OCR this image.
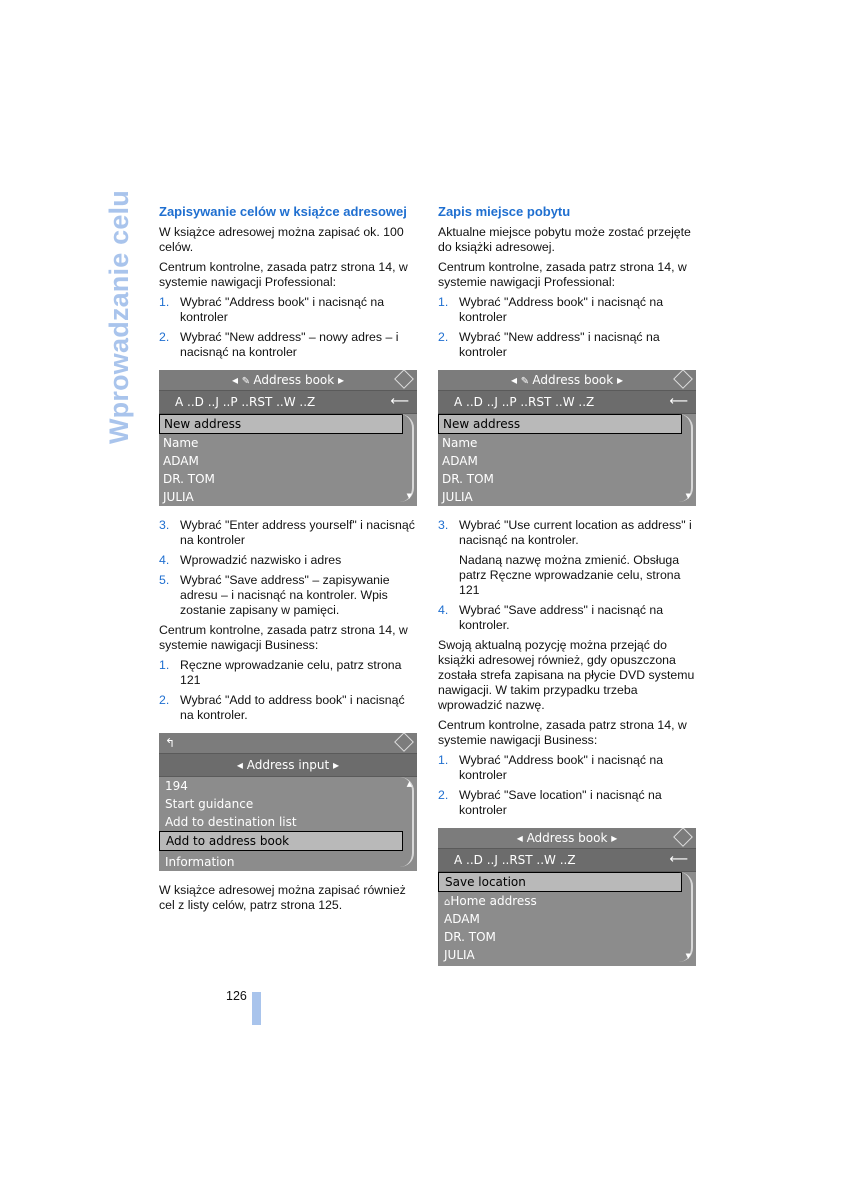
Wprowadzanie celu Zapisywanie celów w książce adresowej

W książce adresowej można zapisać ok. 100 celów.

Centrum kontrolne, zasada patrz strona 14, w systemie nawigacji Professional:

1. Wybrać "Address book" i nacisnąć na kontroler
2. Wybrać "New address" – nowy adres – i nacisnąć na kontroler
◂ ✎ Address book ▸
A ..D ..J ..P ..RST ..W ..Z	⟵
New address
Name
ADAM
DR. TOM
JULIA	▼
3. Wybrać "Enter address yourself" i nacisnąć na kontroler
4. Wprowadzić nazwisko i adres
5. Wybrać "Save address" – zapisywanie adresu – i nacisnąć na kontroler. Wpis zostanie zapisany w pamięci.

Centrum kontrolne, zasada patrz strona 14, w systemie nawigacji Business:

1. Ręczne wprowadzanie celu, patrz strona 121
2. Wybrać "Add to address book" i nacisnąć na kontroler.
↰
◂ Address input ▸
194
Start guidance
Add to destination list
Add to address book
Information
▲

W książce adresowej można zapisać również cel z listy celów, patrz strona 125.

Zapis miejsce pobytu

Aktualne miejsce pobytu może zostać przejęte do książki adresowej.

Centrum kontrolne, zasada patrz strona 14, w systemie nawigacji Professional:

1. Wybrać "Address book" i nacisnąć na kontroler
2. Wybrać "New address" i nacisnąć na kontroler
◂ ✎ Address book ▸
A ..D ..J ..P ..RST ..W ..Z	⟵
New address
Name
ADAM
DR. TOM
JULIA	▼
3. Wybrać "Use current location as address" i nacisnąć na kontroler.

Nadaną nazwę można zmienić. Obsługa patrz Ręczne wprowadzanie celu, strona 121

4. Wybrać "Save address" i nacisnąć na kontroler.

Swoją aktualną pozycję można przejąć do książki adresowej również, gdy opuszczona została strefa zapisana na płycie DVD systemu nawigacji. W takim przypadku trzeba wprowadzić nazwę.

Centrum kontrolne, zasada patrz strona 14, w systemie nawigacji Business:

1. Wybrać "Address book" i nacisnąć na kontroler
2. Wybrać "Save location" i nacisnąć na kontroler
◂ Address book ▸
A ..D ..J ..RST ..W ..Z	⟵
Save location
⌂Home address
ADAM
DR. TOM
JULIA	▼
126
